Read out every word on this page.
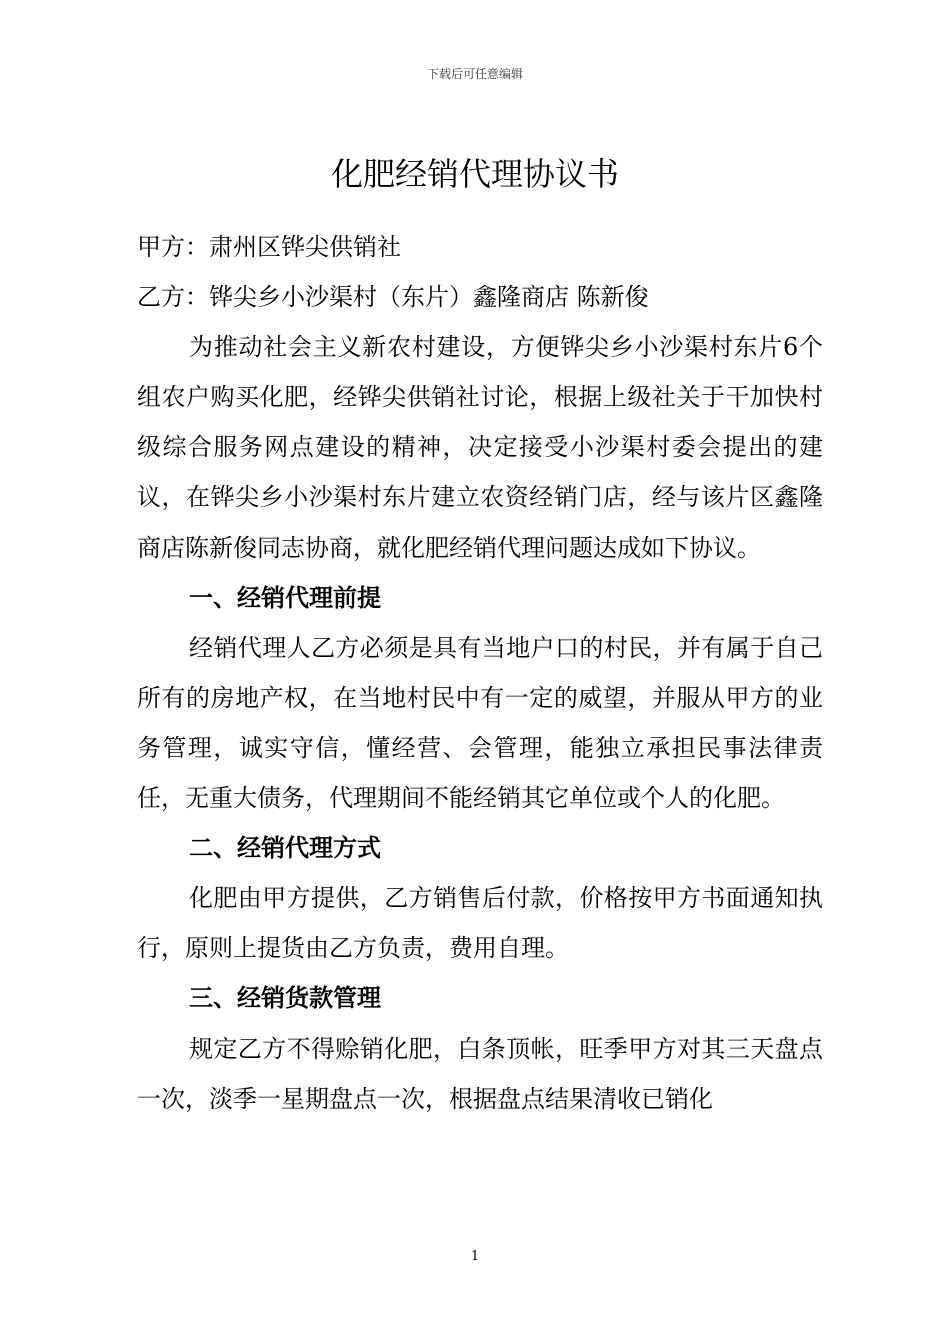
下载后可任意编辑
化肥经销代理协议书

甲方：肃州区铧尖供销社

乙方：铧尖乡小沙渠村（东片）鑫隆商店 陈新俊

为推动社会主义新农村建设，方便铧尖乡小沙渠村东片6个组农户购买化肥，经铧尖供销社讨论，根据上级社关于干加快村级综合服务网点建设的精神，决定接受小沙渠村委会提出的建议，在铧尖乡小沙渠村东片建立农资经销门店，经与该片区鑫隆商店陈新俊同志协商，就化肥经销代理问题达成如下协议。

一、经销代理前提

经销代理人乙方必须是具有当地户口的村民，并有属于自己所有的房地产权，在当地村民中有一定的威望，并服从甲方的业务管理，诚实守信，懂经营、会管理，能独立承担民事法律责任，无重大债务，代理期间不能经销其它单位或个人的化肥。

二、经销代理方式

化肥由甲方提供，乙方销售后付款，价格按甲方书面通知执行，原则上提货由乙方负责，费用自理。

三、经销货款管理

规定乙方不得赊销化肥，白条顶帐，旺季甲方对其三天盘点一次，淡季一星期盘点一次，根据盘点结果清收已销化

1
